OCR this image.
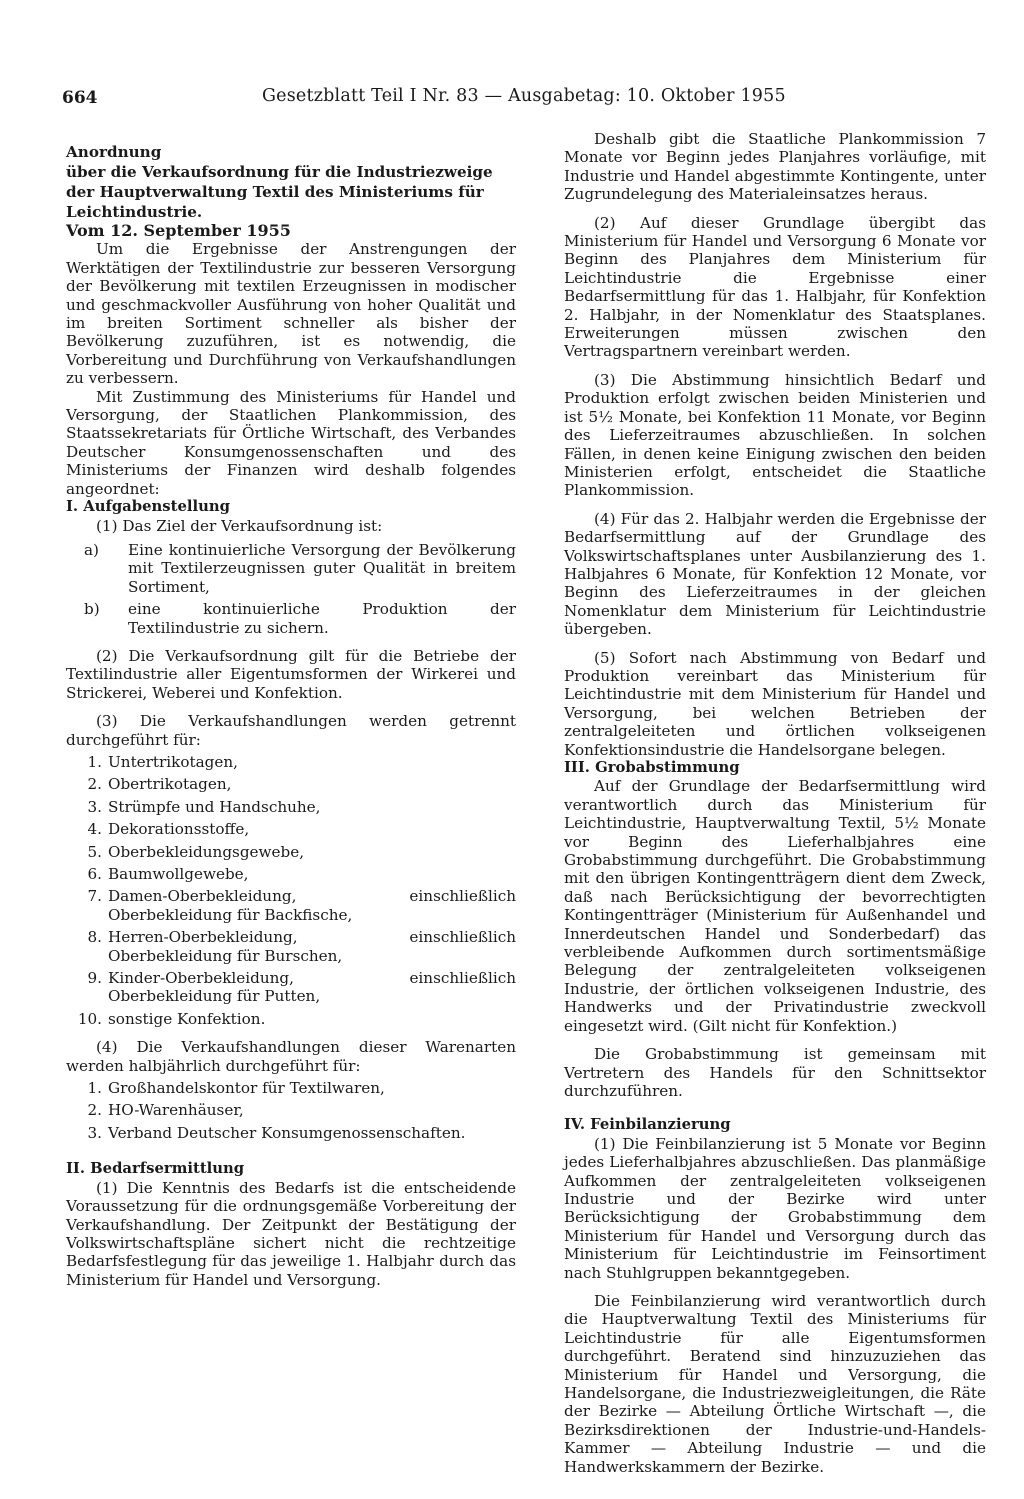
664	Gesetzblatt Teil I Nr. 83 — Ausgabetag: 10. Oktober 1955

Anordnung

über die Verkaufsordnung für die Industriezweige

der Hauptverwaltung Textil des Ministeriums für

Leichtindustrie.

Vom 12. September 1955

Um die Ergebnisse der Anstrengungen der Werktätigen der Textilindustrie zur besseren Versorgung der Bevölkerung mit textilen Erzeugnissen in modischer und geschmackvoller Ausführung von hoher Qualität und im breiten Sortiment schneller als bisher der Bevölkerung zuzuführen, ist es notwendig, die Vorbereitung und Durchführung von Verkaufshandlungen zu verbessern.

Mit Zustimmung des Ministeriums für Handel und Versorgung, der Staatlichen Plankommission, des Staatssekretariats für Örtliche Wirtschaft, des Verbandes Deutscher Konsumgenossenschaften und des Ministeriums der Finanzen wird deshalb folgendes angeordnet:

I. Aufgabenstellung

(1) Das Ziel der Verkaufsordnung ist:

a)	Eine kontinuierliche Versorgung der Bevölkerung mit Textilerzeugnissen guter Qualität in breitem Sortiment,
b)	eine kontinuierliche Produktion der Textilindustrie zu sichern.

(2) Die Verkaufsordnung gilt für die Betriebe der Textilindustrie aller Eigentumsformen der Wirkerei und Strickerei, Weberei und Konfektion.

(3) Die Verkaufshandlungen werden getrennt durchgeführt für:

1. Untertrikotagen,
2. Obertrikotagen,
3. Strümpfe und Handschuhe,
4. Dekorationsstoffe,
5. Oberbekleidungsgewebe,
6. Baumwollgewebe,
7. Damen-Oberbekleidung, einschließlich Oberbekleidung für Backfische,
8. Herren-Oberbekleidung, einschließlich Oberbekleidung für Burschen,
9. Kinder-Oberbekleidung, einschließlich Oberbekleidung für Putten,
10. sonstige Konfektion.

(4) Die Verkaufshandlungen dieser Warenarten werden halbjährlich durchgeführt für:

1. Großhandelskontor für Textilwaren,
2. HO-Warenhäuser,
3. Verband Deutscher Konsumgenossenschaften.

II. Bedarfsermittlung

(1) Die Kenntnis des Bedarfs ist die entscheidende Voraussetzung für die ordnungsgemäße Vorbereitung der Verkaufshandlung. Der Zeitpunkt der Bestätigung der Volkswirtschaftspläne sichert nicht die rechtzeitige Bedarfsfestlegung für das jeweilige 1. Halbjahr durch das Ministerium für Handel und Versorgung.

Deshalb gibt die Staatliche Plankommission 7 Monate vor Beginn jedes Planjahres vorläufige, mit Industrie und Handel abgestimmte Kontingente, unter Zugrundelegung des Materialeinsatzes heraus.

(2) Auf dieser Grundlage übergibt das Ministerium für Handel und Versorgung 6 Monate vor Beginn des Planjahres dem Ministerium für Leichtindustrie die Ergebnisse einer Bedarfsermittlung für das 1. Halbjahr, für Konfektion 2. Halbjahr, in der Nomenklatur des Staatsplanes. Erweiterungen müssen zwischen den Vertragspartnern vereinbart werden.

(3) Die Abstimmung hinsichtlich Bedarf und Produktion erfolgt zwischen beiden Ministerien und ist 5½ Monate, bei Konfektion 11 Monate, vor Beginn des Lieferzeitraumes abzuschließen. In solchen Fällen, in denen keine Einigung zwischen den beiden Ministerien erfolgt, entscheidet die Staatliche Plankommission.

(4) Für das 2. Halbjahr werden die Ergebnisse der Bedarfsermittlung auf der Grundlage des Volkswirtschaftsplanes unter Ausbilanzierung des 1. Halbjahres 6 Monate, für Konfektion 12 Monate, vor Beginn des Lieferzeitraumes in der gleichen Nomenklatur dem Ministerium für Leichtindustrie übergeben.

(5) Sofort nach Abstimmung von Bedarf und Produktion vereinbart das Ministerium für Leichtindustrie mit dem Ministerium für Handel und Versorgung, bei welchen Betrieben der zentralgeleiteten und örtlichen volkseigenen Konfektionsindustrie die Handelsorgane belegen.

III. Grobabstimmung

Auf der Grundlage der Bedarfsermittlung wird verantwortlich durch das Ministerium für Leichtindustrie, Hauptverwaltung Textil, 5½ Monate vor Beginn des Lieferhalbjahres eine Grobabstimmung durchgeführt. Die Grobabstimmung mit den übrigen Kontingentträgern dient dem Zweck, daß nach Berücksichtigung der bevorrechtigten Kontingentträger (Ministerium für Außenhandel und Innerdeutschen Handel und Sonderbedarf) das verbleibende Aufkommen durch sortimentsmäßige Belegung der zentralgeleiteten volkseigenen Industrie, der örtlichen volkseigenen Industrie, des Handwerks und der Privatindustrie zweckvoll eingesetzt wird. (Gilt nicht für Konfektion.)

Die Grobabstimmung ist gemeinsam mit Vertretern des Handels für den Schnittsektor durchzuführen.

IV. Feinbilanzierung

(1) Die Feinbilanzierung ist 5 Monate vor Beginn jedes Lieferhalbjahres abzuschließen. Das planmäßige Aufkommen der zentralgeleiteten volkseigenen Industrie und der Bezirke wird unter Berücksichtigung der Grobabstimmung dem Ministerium für Handel und Versorgung durch das Ministerium für Leichtindustrie im Feinsortiment nach Stuhlgruppen bekanntgegeben.

Die Feinbilanzierung wird verantwortlich durch die Hauptverwaltung Textil des Ministeriums für Leichtindustrie für alle Eigentumsformen durchgeführt. Beratend sind hinzuzuziehen das Ministerium für Handel und Versorgung, die Handelsorgane, die Industriezweigleitungen, die Räte der Bezirke — Abteilung Örtliche Wirtschaft —, die Bezirksdirektionen der Industrie-und-Handels-Kammer — Abteilung Industrie — und die Handwerkskammern der Bezirke.
